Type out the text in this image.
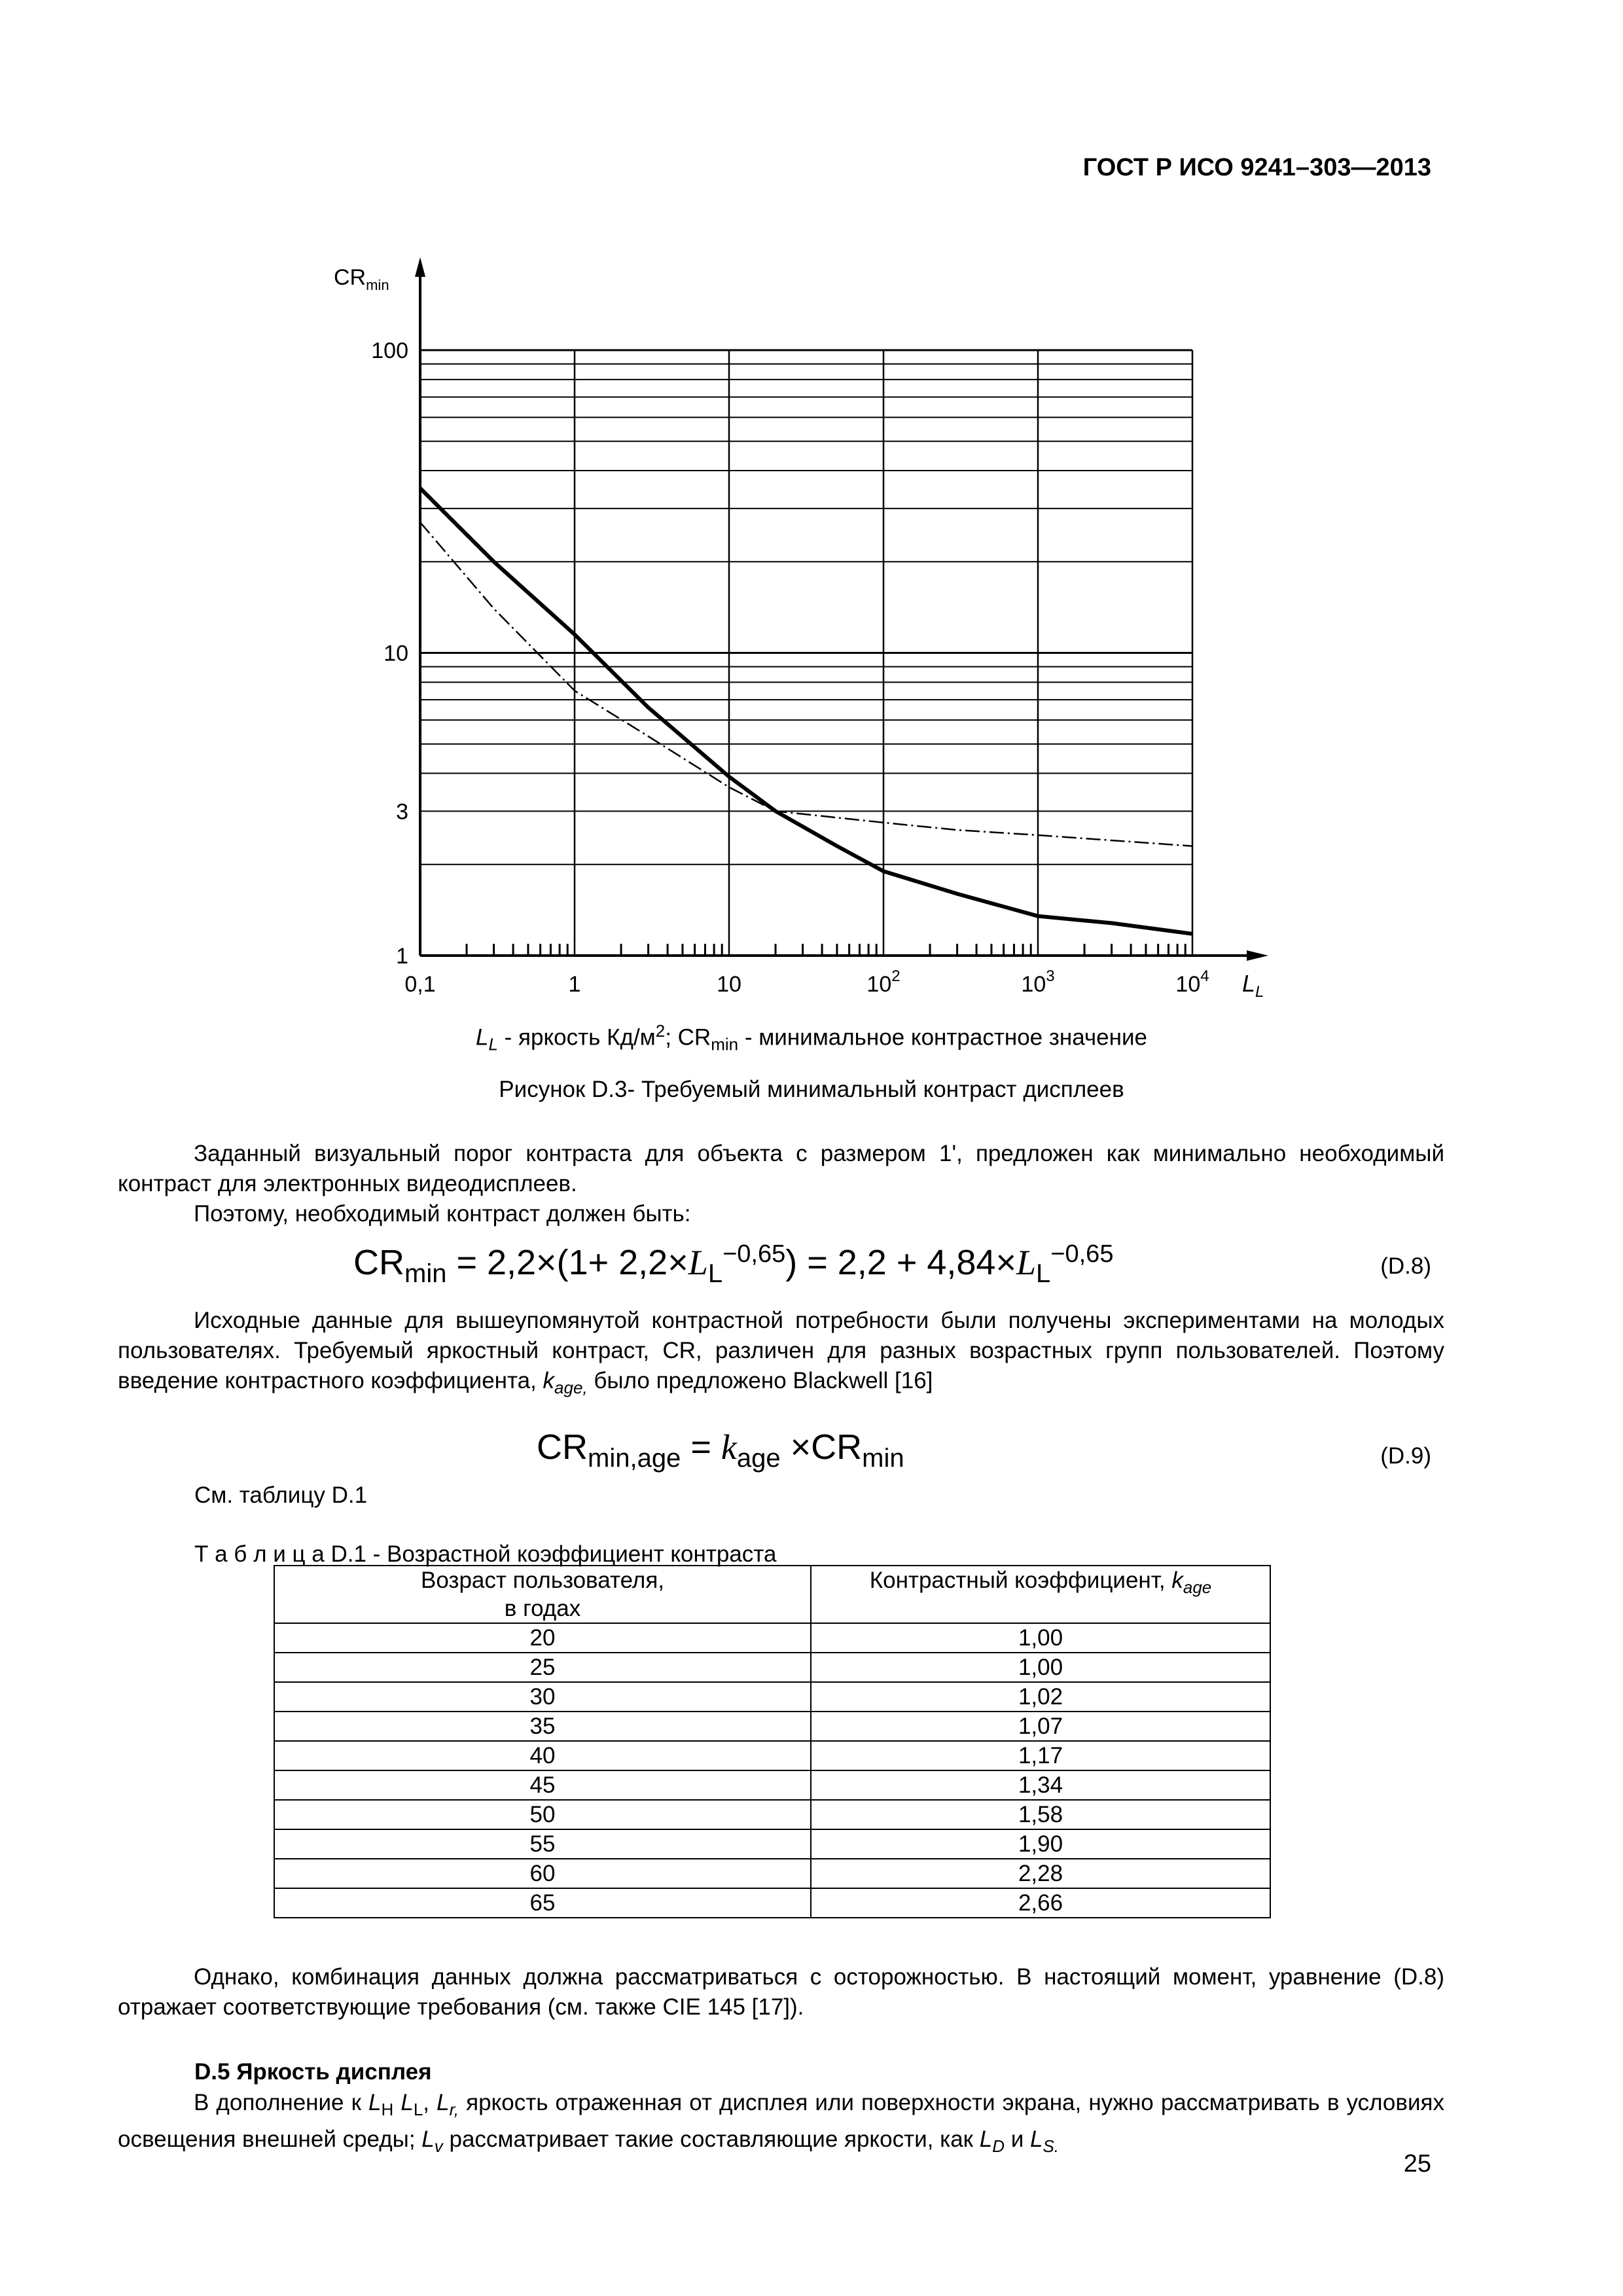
ГОСТ Р ИСО 9241–303—2013
0,1	1	10	$10^2$	$10^3$	$10^4$
1
3
10
100
$CR_{min}$
$L_L$
$L_L$ - яркость $Кд/м^2$; $CR_{min}$ - минимальное контрастное значение
Рисунок D.3- Требуемый минимальный контраст дисплеев
Заданный визуальный порог контраста для объекта с размером 1', предложен как минимально необходимый контраст для электронных видеодисплеев.
Поэтому, необходимый контраст должен быть:
$CR_{min} = 2,2\times(1+ 2,2\times L_L^{-0,65}) = 2,2 + 4,84\times L_L^{-0,65}$	(D.8)
Исходные данные для вышеупомянутой контрастной потребности были получены экспериментами на молодых пользователях. Требуемый яркостный контраст, CR, различен для разных возрастных групп пользователей. Поэтому введение контрастного коэффициента, $k_{age,}$ было предложено Blackwell [16]
$CR_{min,age} = k_{age} \times CR_{min}$	(D.9)
См. таблицу D.1
Т а б л и ц а D.1 - Возрастной коэффициент контраста
Возраст пользователя,
в годах	Контрастный коэффициент, $k_{age}$
20	1,00
25	1,00
30	1,02
35	1,07
40	1,17
45	1,34
50	1,58
55	1,90
60	2,28
65	2,66
Однако, комбинация данных должна рассматриваться с осторожностью. В настоящий момент, уравнение (D.8) отражает соответствующие требования (см. также CIE 145 [17]).
D.5 Яркость дисплея
В дополнение к $L_H$ $L_L$, $L_{r,}$ яркость отраженная от дисплея или поверхности экрана, нужно рассматривать в условиях освещения внешней среды; $L_v$ рассматривает такие составляющие яркости, как $L_D$ и $L_{S.}$
25
